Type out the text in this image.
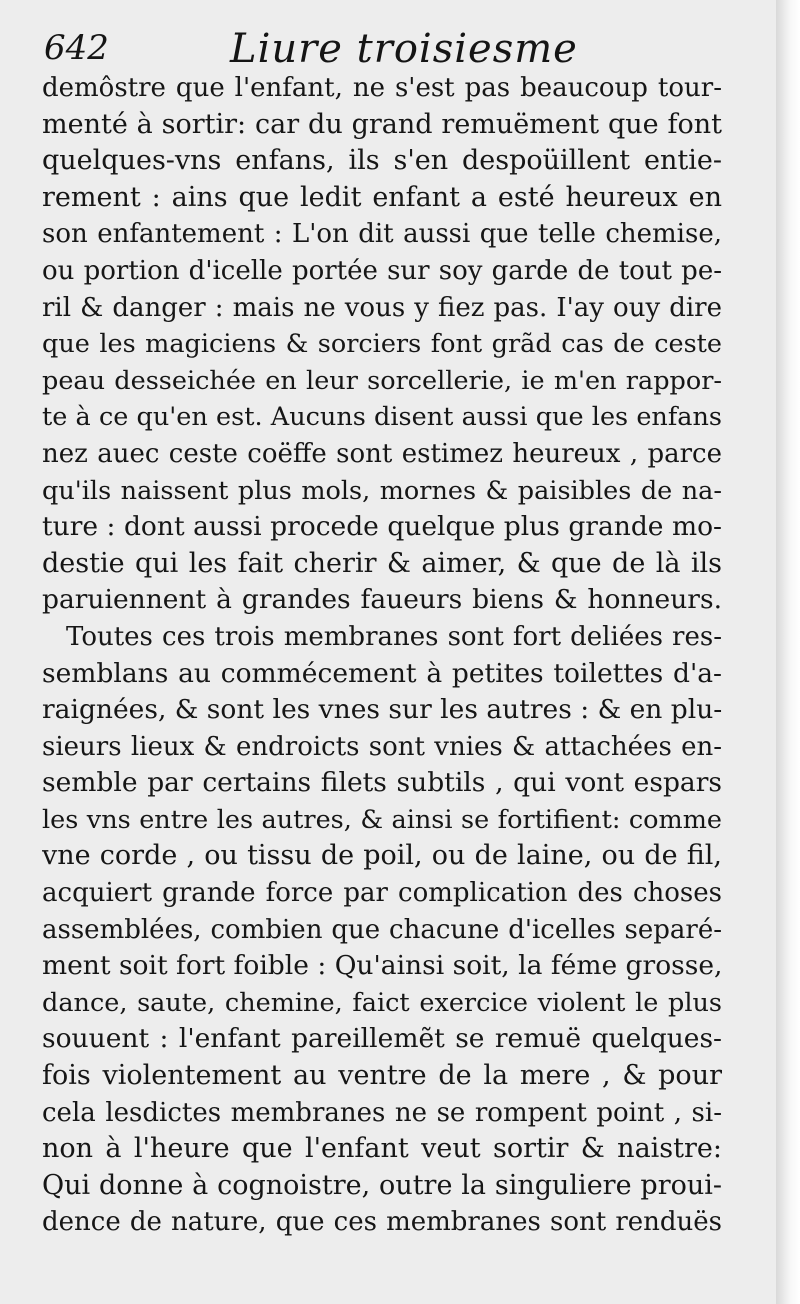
642	Liure troisiesme
demôstre que l'enfant, ne s'est pas beaucoup tour-
menté à sortir: car du grand remuëment que font
quelques-vns enfans, ils s'en despoüillent entie-
rement : ains que ledit enfant a esté heureux en
son enfantement : L'on dit aussi que telle chemise,
ou portion d'icelle portée sur soy garde de tout pe-
ril & danger : mais ne vous y fiez pas. I'ay ouy dire
que les magiciens & sorciers font grãd cas de ceste
peau desseichée en leur sorcellerie, ie m'en rappor-
te à ce qu'en est. Aucuns disent aussi que les enfans
nez auec ceste coëffe sont estimez heureux , parce
qu'ils naissent plus mols, mornes & paisibles de na-
ture : dont aussi procede quelque plus grande mo-
destie qui les fait cherir & aimer, & que de là ils
paruiennent à grandes faueurs biens & honneurs.
Toutes ces trois membranes sont fort deliées res-
semblans au commécement à petites toilettes d'a-
raignées, & sont les vnes sur les autres : & en plu-
sieurs lieux & endroicts sont vnies & attachées en-
semble par certains filets subtils , qui vont espars
les vns entre les autres, & ainsi se fortifient: comme
vne corde , ou tissu de poil, ou de laine, ou de fil,
acquiert grande force par complication des choses
assemblées, combien que chacune d'icelles separé-
ment soit fort foible : Qu'ainsi soit, la féme grosse,
dance, saute, chemine, faict exercice violent le plus
souuent : l'enfant pareillemẽt se remuë quelques-
fois violentement au ventre de la mere , & pour
cela lesdictes membranes ne se rompent point , si-
non à l'heure que l'enfant veut sortir & naistre:
Qui donne à cognoistre, outre la singuliere proui-
dence de nature, que ces membranes sont renduës
